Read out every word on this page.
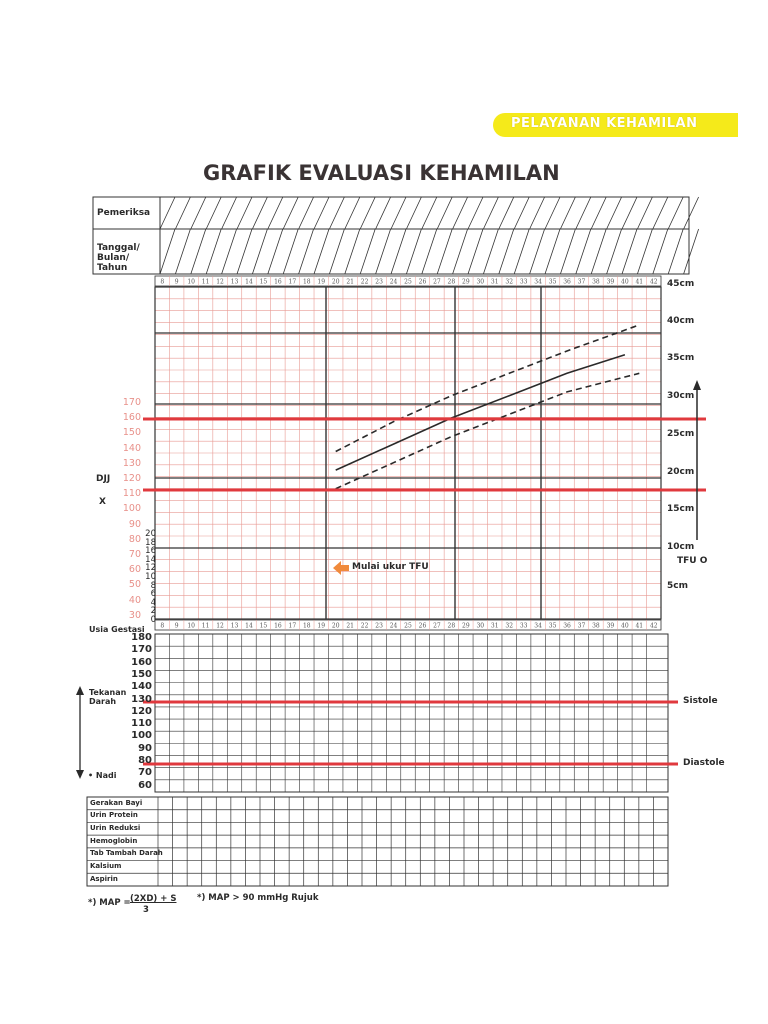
PELAYANAN KEHAMILAN
GRAFIK EVALUASI KEHAMILAN
Pemeriksa
Tanggal/ Bulan/ Tahun
8 9 10 11 12 13 14 15 16 17 18 19 20 21 22 23 24 25 26 27 28 29 30 31 32 33 34 35 36 37 38 39 40 41 42
8 9 10 11 12 13 14 15 16 17 18 19 20 21 22 23 24 25 26 27 28 29 30 31 32 33 34 35 36 37 38 39 40 41 42
170
160
150
140
130
120
110
100
90
80
70
60
50
40
30
20
18
16
14
12
10
8
6
4
2
0
45cm
40cm
35cm
30cm
25cm
20cm
15cm
10cm
5cm
180
170
160
150
140
130
120
110
100
90
80
70
60
DJJ
X
TFU O
Mulai ukur TFU
Usia Gestasi
Tekanan Darah
• Nadi
Sistole
Diastole
Gerakan Bayi
Urin Protein
Urin Reduksi
Hemoglobin
Tab Tambah Darah
Kalsium
Aspirin
*) MAP = (2XD) + S
3
*) MAP > 90 mmHg Rujuk
